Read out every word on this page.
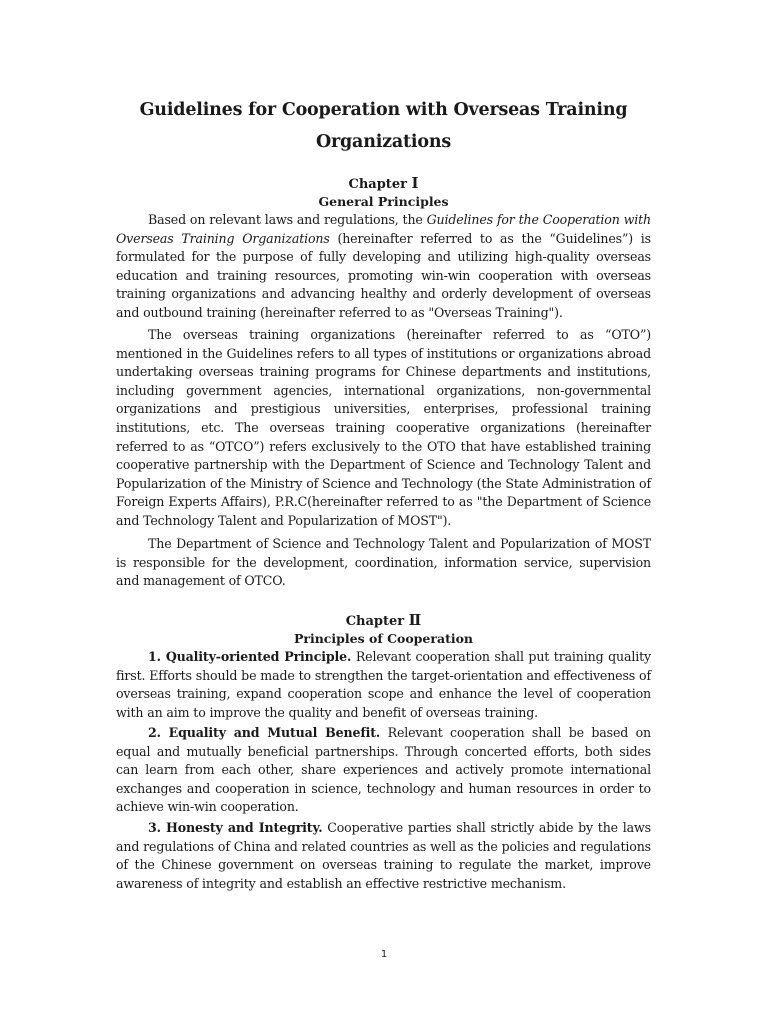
Guidelines for Cooperation with Overseas Training
Organizations
Chapter Ⅰ
General Principles

Based on relevant laws and regulations, the Guidelines for the Cooperation with Overseas Training Organizations (hereinafter referred to as the “Guidelines”) is formulated for the purpose of fully developing and utilizing high-quality overseas education and training resources, promoting win-win cooperation with overseas training organizations and advancing healthy and orderly development of overseas and outbound training (hereinafter referred to as "Overseas Training").

The overseas training organizations (hereinafter referred to as “OTO”) mentioned in the Guidelines refers to all types of institutions or organizations abroad undertaking overseas training programs for Chinese departments and institutions, including government agencies, international organizations, non-governmental organizations and prestigious universities, enterprises, professional training institutions, etc. The overseas training cooperative organizations (hereinafter referred to as “OTCO”) refers exclusively to the OTO that have established training cooperative partnership with the Department of Science and Technology Talent and Popularization of the Ministry of Science and Technology (the State Administration of Foreign Experts Affairs), P.R.C(hereinafter referred to as "the Department of Science and Technology Talent and Popularization of MOST").

The Department of Science and Technology Talent and Popularization of MOST is responsible for the development, coordination, information service, supervision and management of OTCO.

Chapter Ⅱ
Principles of Cooperation

1. Quality-oriented Principle. Relevant cooperation shall put training quality first. Efforts should be made to strengthen the target-orientation and effectiveness of overseas training, expand cooperation scope and enhance the level of cooperation with an aim to improve the quality and benefit of overseas training.

2. Equality and Mutual Benefit. Relevant cooperation shall be based on equal and mutually beneficial partnerships. Through concerted efforts, both sides can learn from each other, share experiences and actively promote international exchanges and cooperation in science, technology and human resources in order to achieve win-win cooperation.

3. Honesty and Integrity. Cooperative parties shall strictly abide by the laws and regulations of China and related countries as well as the policies and regulations of the Chinese government on overseas training to regulate the market, improve awareness of integrity and establish an effective restrictive mechanism.

1
